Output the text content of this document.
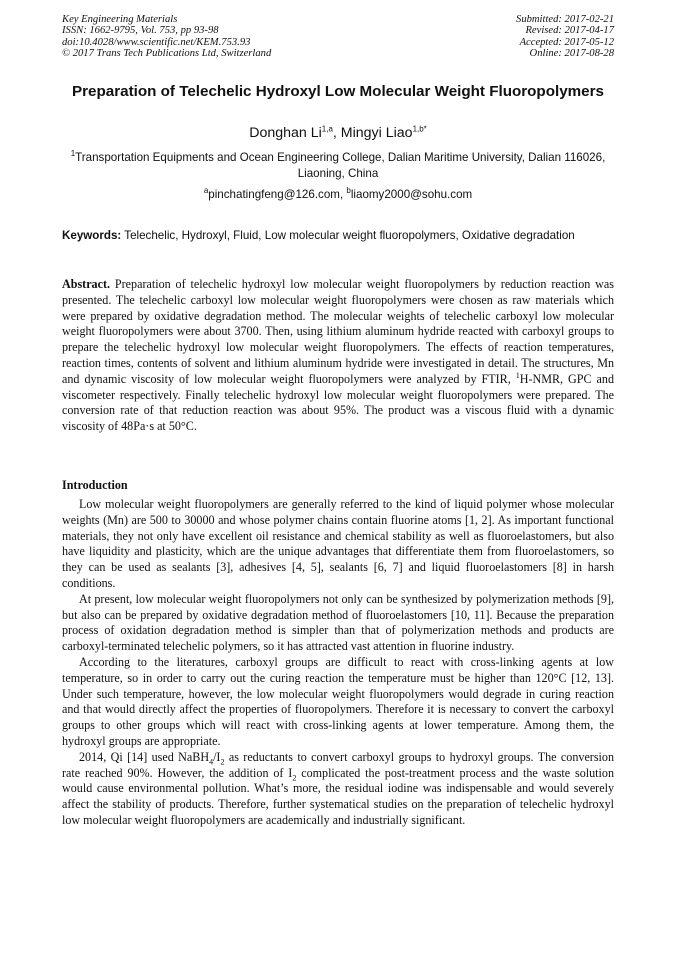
Key Engineering Materials
ISSN: 1662-9795, Vol. 753, pp 93-98
doi:10.4028/www.scientific.net/KEM.753.93
© 2017 Trans Tech Publications Ltd, Switzerland
Submitted: 2017-02-21
Revised: 2017-04-17
Accepted: 2017-05-12
Online: 2017-08-28
Preparation of Telechelic Hydroxyl Low Molecular Weight Fluoropolymers
Donghan Li$^{1,a}$, Mingyi Liao$^{1,b*}$
$^1$Transportation Equipments and Ocean Engineering College, Dalian Maritime University, Dalian 116026, Liaoning, China
$^a$pinchatingfeng@126.com, $^b$liaomy2000@sohu.com
Keywords: Telechelic, Hydroxyl, Fluid, Low molecular weight fluoropolymers, Oxidative degradation
Abstract. Preparation of telechelic hydroxyl low molecular weight fluoropolymers by reduction reaction was presented. The telechelic carboxyl low molecular weight fluoropolymers were chosen as raw materials which were prepared by oxidative degradation method. The molecular weights of telechelic carboxyl low molecular weight fluoropolymers were about 3700. Then, using lithium aluminum hydride reacted with carboxyl groups to prepare the telechelic hydroxyl low molecular weight fluoropolymers. The effects of reaction temperatures, reaction times, contents of solvent and lithium aluminum hydride were investigated in detail. The structures, Mn and dynamic viscosity of low molecular weight fluoropolymers were analyzed by FTIR, $^1$H-NMR, GPC and viscometer respectively. Finally telechelic hydroxyl low molecular weight fluoropolymers were prepared. The conversion rate of that reduction reaction was about 95%. The product was a viscous fluid with a dynamic viscosity of 48Pa·s at 50°C.
Introduction

Low molecular weight fluoropolymers are generally referred to the kind of liquid polymer whose molecular weights (Mn) are 500 to 30000 and whose polymer chains contain fluorine atoms [1, 2]. As important functional materials, they not only have excellent oil resistance and chemical stability as well as fluoroelastomers, but also have liquidity and plasticity, which are the unique advantages that differentiate them from fluoroelastomers, so they can be used as sealants [3], adhesives [4, 5], sealants [6, 7] and liquid fluoroelastomers [8] in harsh conditions.

At present, low molecular weight fluoropolymers not only can be synthesized by polymerization methods [9], but also can be prepared by oxidative degradation method of fluoroelastomers [10, 11]. Because the preparation process of oxidation degradation method is simpler than that of polymerization methods and products are carboxyl-terminated telechelic polymers, so it has attracted vast attention in fluorine industry.

According to the literatures, carboxyl groups are difficult to react with cross-linking agents at low temperature, so in order to carry out the curing reaction the temperature must be higher than 120°C [12, 13]. Under such temperature, however, the low molecular weight fluoropolymers would degrade in curing reaction and that would directly affect the properties of fluoropolymers. Therefore it is necessary to convert the carboxyl groups to other groups which will react with cross-linking agents at lower temperature. Among them, the hydroxyl groups are appropriate.

2014, Qi [14] used $NaBH_4/I_2$ as reductants to convert carboxyl groups to hydroxyl groups. The conversion rate reached 90%. However, the addition of $I_2$ complicated the post-treatment process and the waste solution would cause environmental pollution. What’s more, the residual iodine was indispensable and would severely affect the stability of products. Therefore, further systematical studies on the preparation of telechelic hydroxyl low molecular weight fluoropolymers are academically and industrially significant.
